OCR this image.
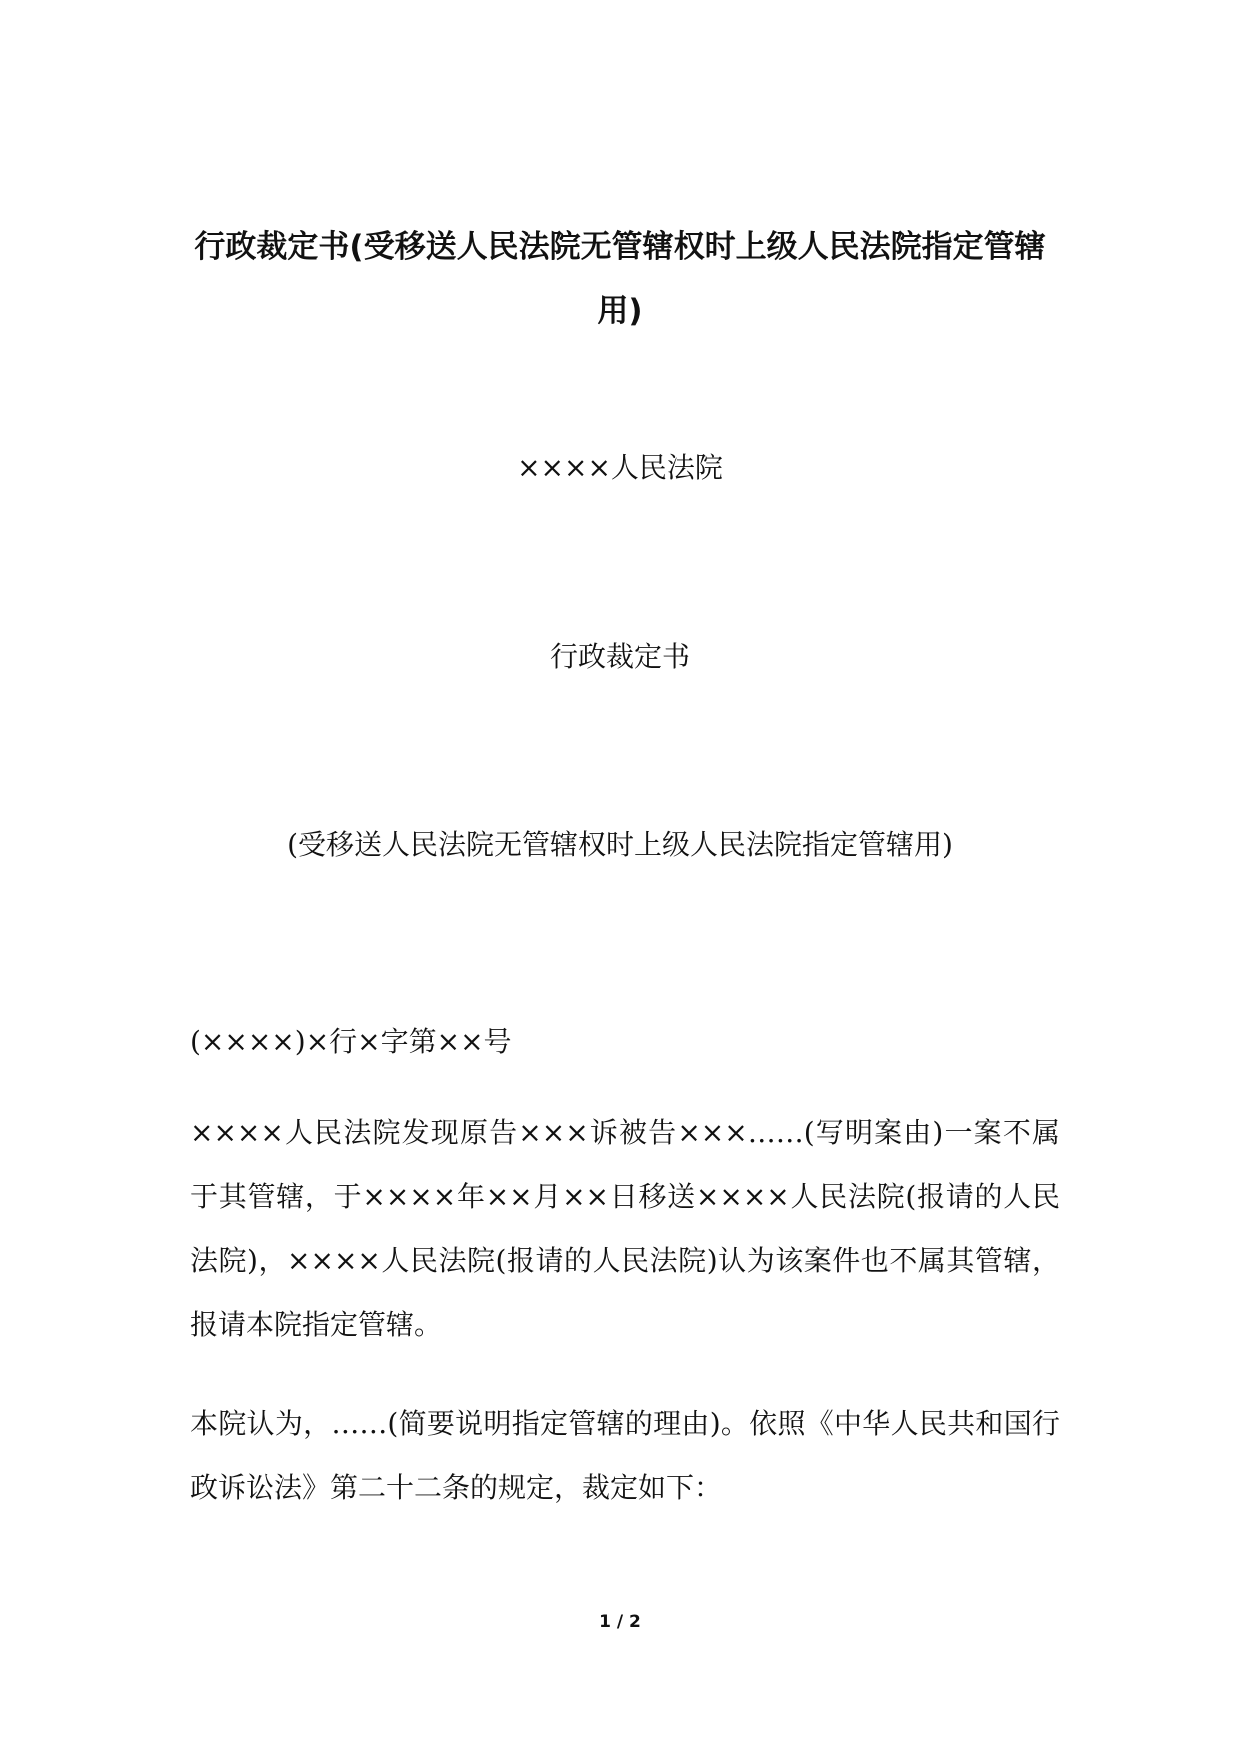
行政裁定书(受移送人民法院无管辖权时上级人民法院指定管辖用)

××××人民法院

行政裁定书

(受移送人民法院无管辖权时上级人民法院指定管辖用)

(××××)×行×字第××号

××××人民法院发现原告×××诉被告×××……(写明案由)一案不属于其管辖，于××××年××月××日移送××××人民法院(报请的人民法院)，××××人民法院(报请的人民法院)认为该案件也不属其管辖，报请本院指定管辖。

本院认为，……(简要说明指定管辖的理由)。依照《中华人民共和国行政诉讼法》第二十二条的规定，裁定如下：

1 / 2
